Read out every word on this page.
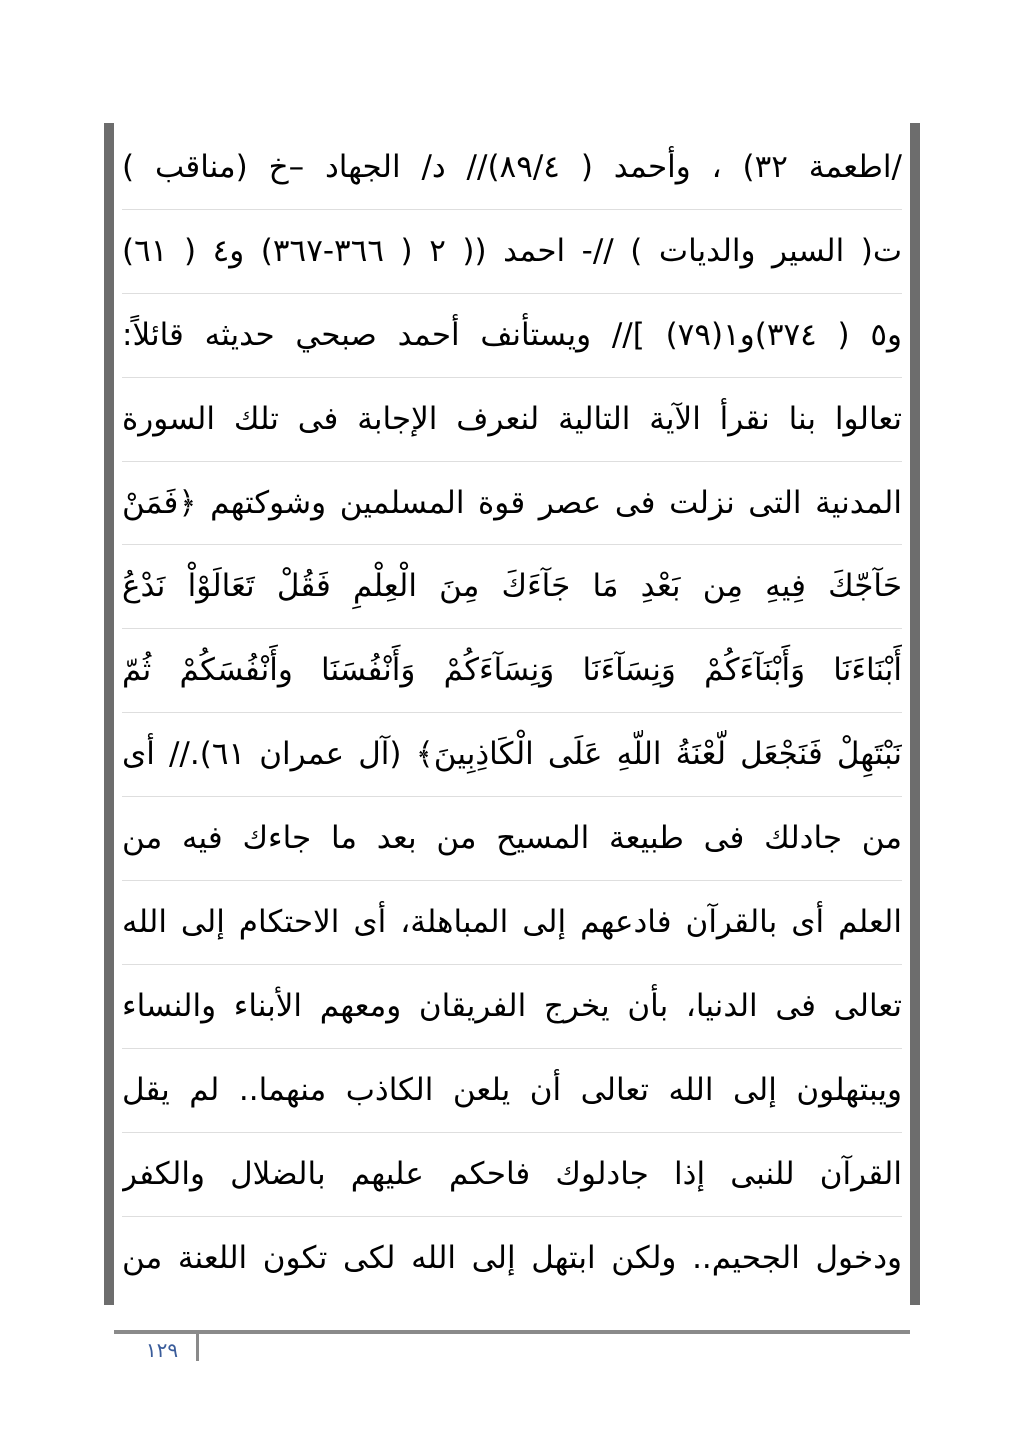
/اطعمة ٣٢) ، وأحمد ( ٨٩/٤)// د/ الجهاد –خ (مناقب )
ت( السير والديات ) //- احمد (( ٢ ( ٣٦٦-٣٦٧) و٤ ( ٦١)
و٥ ( ٣٧٤)و١(٧٩) ]// ويستأنف أحمد صبحي حديثه قائلاً:
تعالوا بنا نقرأ الآية التالية لنعرف الإجابة فى تلك السورة
المدنية التى نزلت فى عصر قوة المسلمين وشوكتهم ﴿فَمَنْ
حَآجّكَ فِيهِ مِن بَعْدِ مَا جَآءَكَ مِنَ الْعِلْمِ فَقُلْ تَعَالَوْاْ نَدْعُ
أَبْنَاءَنَا وَأَبْنَآءَكُمْ وَنِسَآءَنَا وَنِسَآءَكُمْ وَأَنْفُسَنَا وأَنْفُسَكُمْ ثُمّ
نَبْتَهِلْ فَنَجْعَل لّعْنَةُ اللّهِ عَلَى الْكَاذِبِينَ﴾ (آل عمران ٦١).// أى
من جادلك فى طبيعة المسيح من بعد ما جاءك فيه من
العلم أى بالقرآن فادعهم إلى المباهلة، أى الاحتكام إلى الله
تعالى فى الدنيا، بأن يخرج الفريقان ومعهم الأبناء والنساء
ويبتهلون إلى الله تعالى أن يلعن الكاذب منهما.. لم يقل
القرآن للنبى إذا جادلوك فاحكم عليهم بالضلال والكفر
ودخول الجحيم.. ولكن ابتهل إلى الله لكى تكون اللعنة من
١٢٩
